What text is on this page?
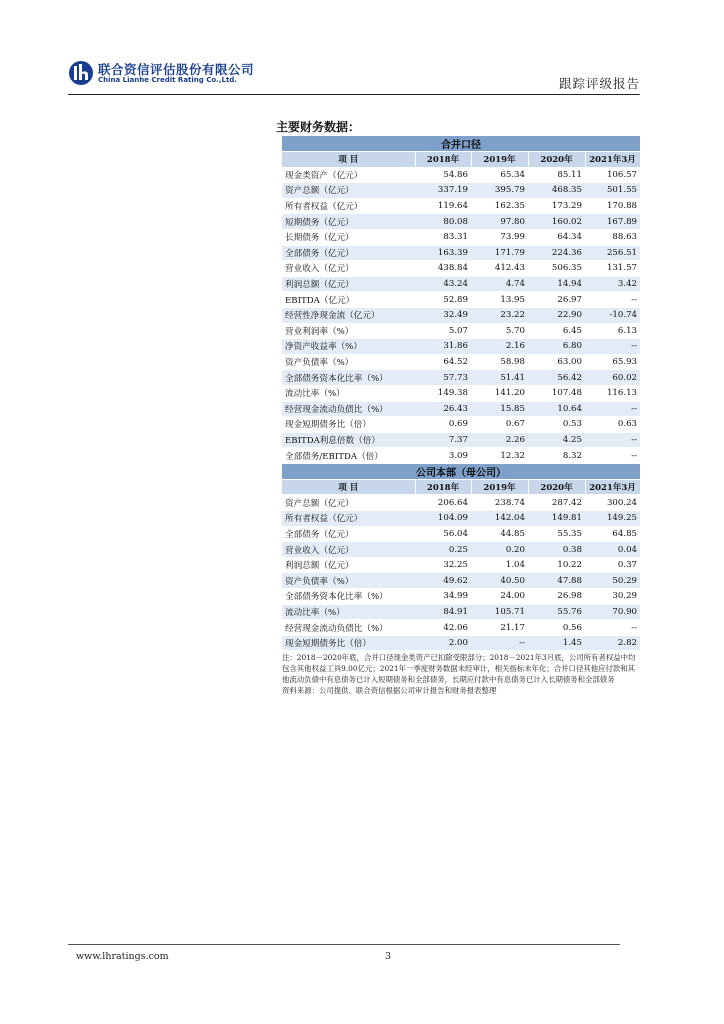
联合资信评估股份有限公司
China Lianhe Credit Rating Co.,Ltd.	跟踪评级报告
主要财务数据：
合并口径				
项 目	2018年	2019年	2020年	2021年3月
现金类资产（亿元）	54.86	65.34	85.11	106.57
资产总额（亿元）	337.19	395.79	468.35	501.55
所有者权益（亿元）	119.64	162.35	173.29	170.88
短期债务（亿元）	80.08	97.80	160.02	167.89
长期债务（亿元）	83.31	73.99	64.34	88.63
全部债务（亿元）	163.39	171.79	224.36	256.51
营业收入（亿元）	438.84	412.43	506.35	131.57
利润总额（亿元）	43.24	4.74	14.94	3.42
EBITDA（亿元）	52.89	13.95	26.97	--
经营性净现金流（亿元）	32.49	23.22	22.90	-10.74
营业利润率（%）	5.07	5.70	6.45	6.13
净资产收益率（%）	31.86	2.16	6.80	--
资产负债率（%）	64.52	58.98	63.00	65.93
全部债务资本化比率（%）	57.73	51.41	56.42	60.02
流动比率（%）	149.38	141.20	107.48	116.13
经营现金流动负债比（%）	26.43	15.85	10.64	--
现金短期债务比（倍）	0.69	0.67	0.53	0.63
EBITDA利息倍数（倍）	7.37	2.26	4.25	--
全部债务/EBITDA（倍）	3.09	12.32	8.32	--
公司本部（母公司）				
项 目	2018年	2019年	2020年	2021年3月
资产总额（亿元）	206.64	238.74	287.42	300.24
所有者权益（亿元）	104.09	142.04	149.81	149.25
全部债务（亿元）	56.04	44.85	55.35	64.85
营业收入（亿元）	0.25	0.20	0.38	0.04
利润总额（亿元）	32.25	1.04	10.22	0.37
资产负债率（%）	49.62	40.50	47.88	50.29
全部债务资本化比率（%）	34.99	24.00	26.98	30.29
流动比率（%）	84.91	105.71	55.76	70.90
经营现金流动负债比（%）	42.06	21.17	0.56	--
现金短期债务比（倍）	2.00	--	1.45	2.82

注：2018－2020年底，合并口径现金类资产已扣除受限部分；2018－2021年3月底，公司所有者权益中均包含其他权益工具9.00亿元；2021年一季度财务数据未经审计，相关指标未年化；合并口径其他应付款和其他流动负债中有息债务已计入短期债务和全部债务，长期应付款中有息债务已计入长期债务和全部债务

资料来源：公司提供、联合资信根据公司审计报告和财务报表整理

www.lhratings.com	3
